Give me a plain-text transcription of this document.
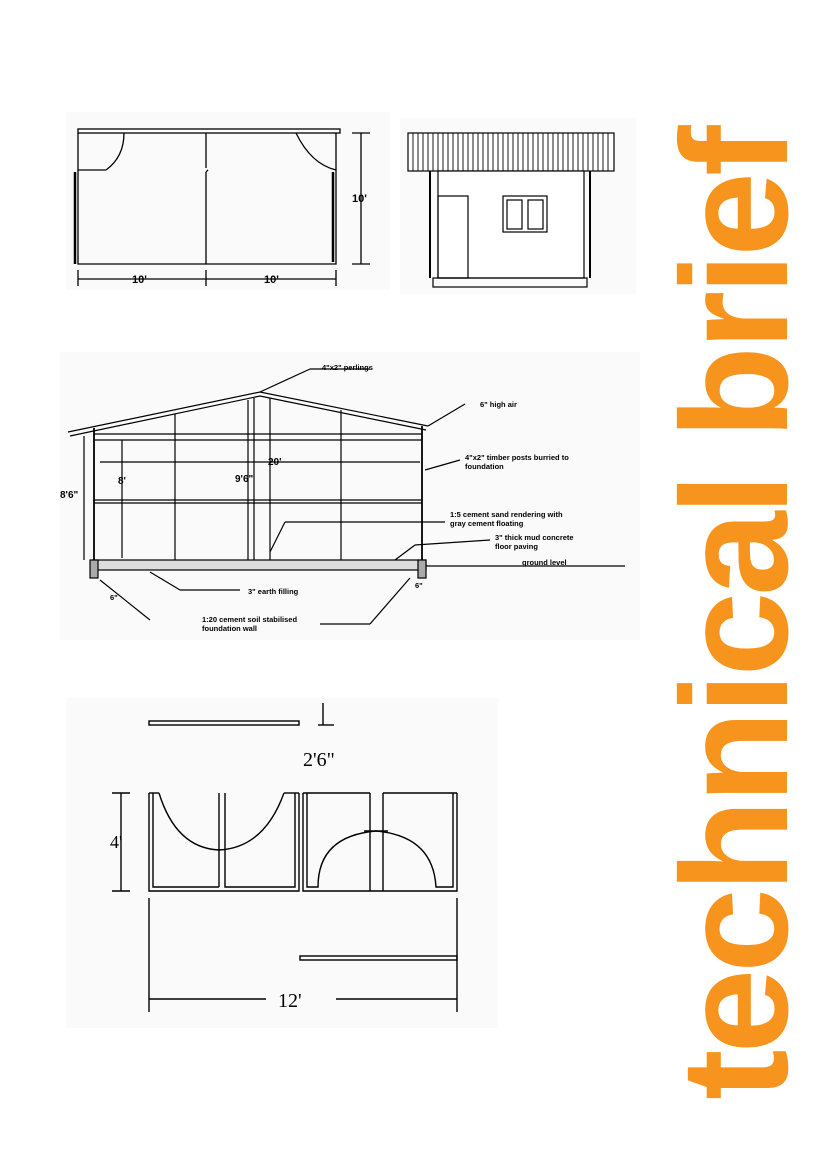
10'	10'
10'
4"x2" perlings
6" high air
20'	4"x2" timber posts burried to
foundation
8'6"
8'	9'6"
1:5 cement sand rendering with
gray cement floating
3" thick mud concrete
floor paving
ground level
3" earth filling
1:20 cement soil stabilised
foundation wall
6"
6"
2'6"
4'
12' technical brief
